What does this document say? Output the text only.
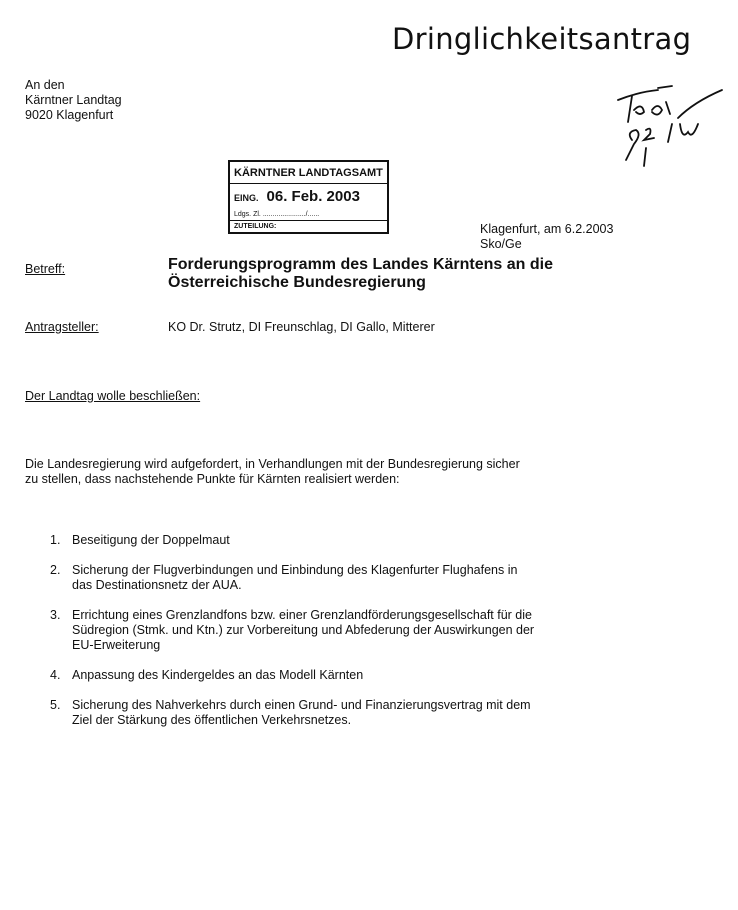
Dringlichkeitsantrag
An den
Kärntner Landtag
9020 Klagenfurt
KÄRNTNER LANDTAGSAMT
EING. 06. Feb. 2003
Ldgs. Zl. ....................../......
ZUTEILUNG:	Klagenfurt, am 6.2.2003
Sko/Ge
Betreff:	Forderungsprogramm des Landes Kärntens an die
Österreichische Bundesregierung
Antragsteller:	KO Dr. Strutz, DI Freunschlag, DI Gallo, Mitterer
Der Landtag wolle beschließen:
Die Landesregierung wird aufgefordert, in Verhandlungen mit der Bundesregierung sicher
zu stellen, dass nachstehende Punkte für Kärnten realisiert werden:
1. Beseitigung der Doppelmaut
2. Sicherung der Flugverbindungen und Einbindung des Klagenfurter Flughafens in
das Destinationsnetz der AUA.
3. Errichtung eines Grenzlandfons bzw. einer Grenzlandförderungsgesellschaft für die
Südregion (Stmk. und Ktn.) zur Vorbereitung und Abfederung der Auswirkungen der
EU-Erweiterung
4. Anpassung des Kindergeldes an das Modell Kärnten
5. Sicherung des Nahverkehrs durch einen Grund- und Finanzierungsvertrag mit dem
Ziel der Stärkung des öffentlichen Verkehrsnetzes.
